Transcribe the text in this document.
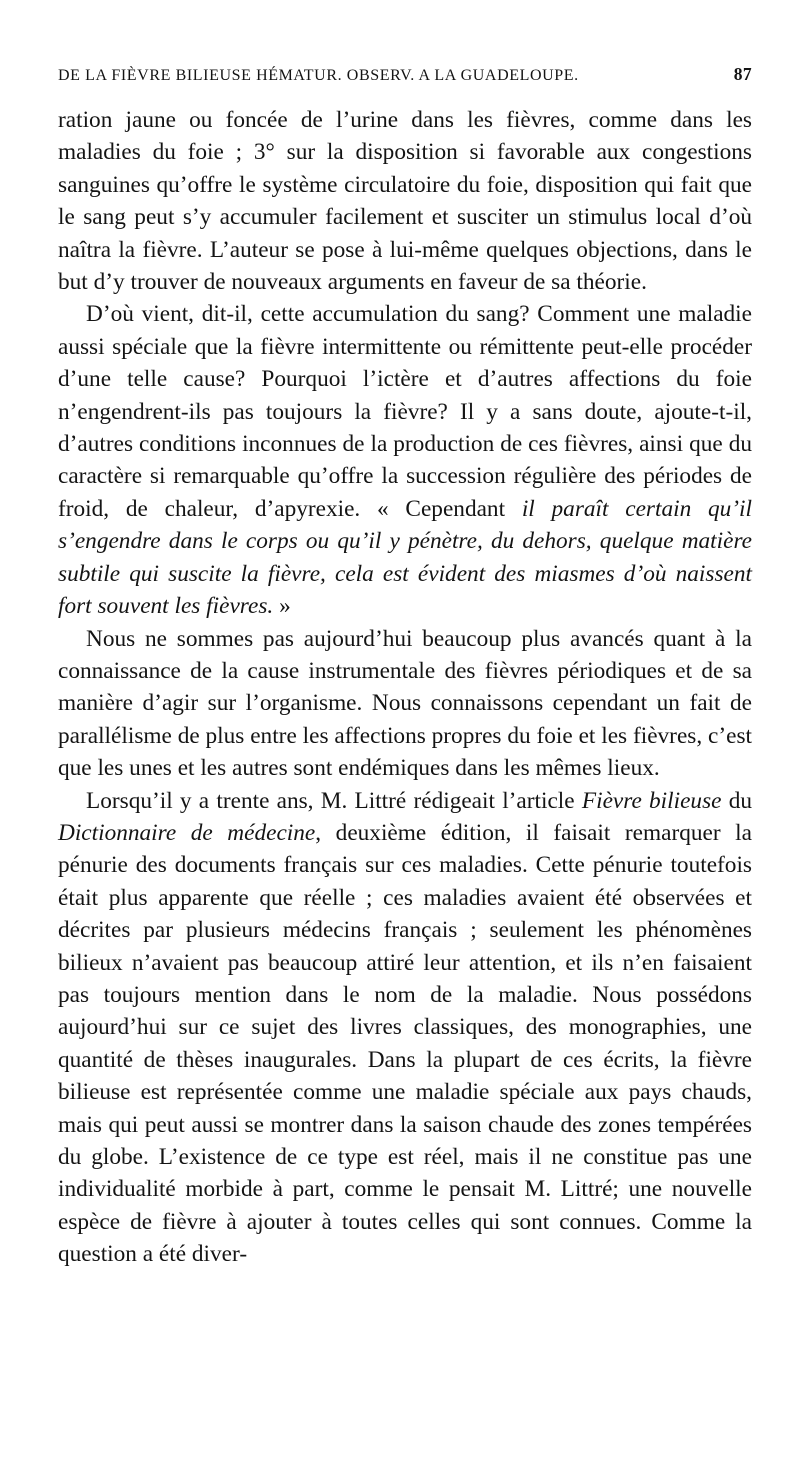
DE LA FIÈVRE BILIEUSE HÉMATUR. OBSERV. A LA GUADELOUPE.	87

ration jaune ou foncée de l’urine dans les fièvres, comme dans les maladies du foie ; 3° sur la disposition si favorable aux congestions sanguines qu’offre le système circulatoire du foie, disposition qui fait que le sang peut s’y accumuler facilement et susciter un stimulus local d’où naîtra la fièvre. L’auteur se pose à lui-même quelques objections, dans le but d’y trouver de nouveaux arguments en faveur de sa théorie.

D’où vient, dit-il, cette accumulation du sang? Comment une maladie aussi spéciale que la fièvre intermittente ou rémittente peut-elle procéder d’une telle cause? Pourquoi l’ictère et d’autres affections du foie n’engendrent-ils pas toujours la fièvre? Il y a sans doute, ajoute-t-il, d’autres conditions inconnues de la production de ces fièvres, ainsi que du caractère si remarquable qu’offre la succession régulière des périodes de froid, de chaleur, d’apyrexie. « Cependant il paraît certain qu’il s’engendre dans le corps ou qu’il y pénètre, du dehors, quelque matière subtile qui suscite la fièvre, cela est évident des miasmes d’où naissent fort souvent les fièvres. »

Nous ne sommes pas aujourd’hui beaucoup plus avancés quant à la connaissance de la cause instrumentale des fièvres périodiques et de sa manière d’agir sur l’organisme. Nous connaissons cependant un fait de parallélisme de plus entre les affections propres du foie et les fièvres, c’est que les unes et les autres sont endémiques dans les mêmes lieux.

Lorsqu’il y a trente ans, M. Littré rédigeait l’article Fièvre bilieuse du Dictionnaire de médecine, deuxième édition, il faisait remarquer la pénurie des documents français sur ces maladies. Cette pénurie toutefois était plus apparente que réelle ; ces maladies avaient été observées et décrites par plusieurs médecins français ; seulement les phénomènes bilieux n’avaient pas beaucoup attiré leur attention, et ils n’en faisaient pas toujours mention dans le nom de la maladie. Nous possédons aujourd’hui sur ce sujet des livres classiques, des monographies, une quantité de thèses inaugurales. Dans la plupart de ces écrits, la fièvre bilieuse est représentée comme une maladie spéciale aux pays chauds, mais qui peut aussi se montrer dans la saison chaude des zones tempérées du globe. L’existence de ce type est réel, mais il ne constitue pas une individualité morbide à part, comme le pensait M. Littré; une nouvelle espèce de fièvre à ajouter à toutes celles qui sont connues. Comme la question a été diver-
